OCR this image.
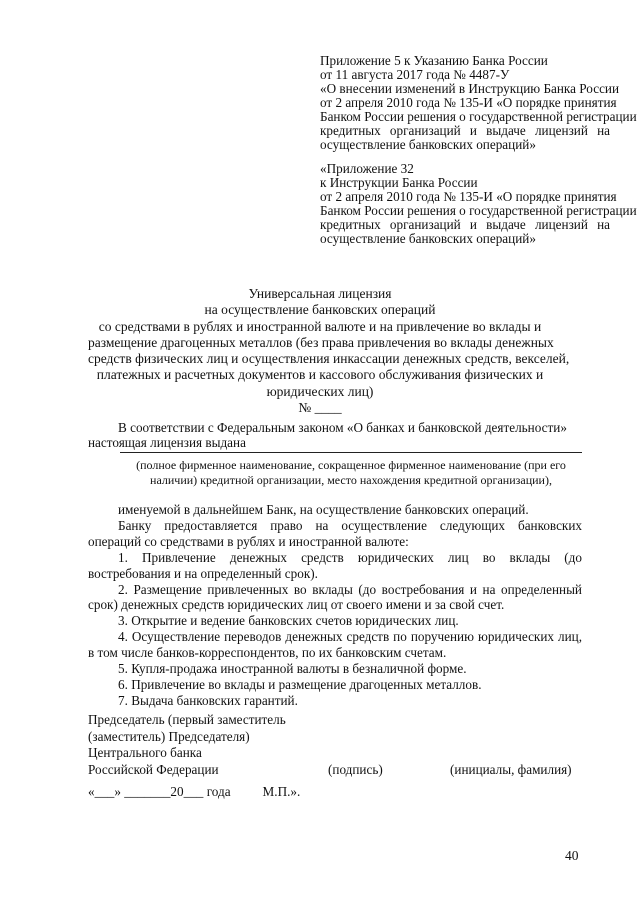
Приложение 5 к Указанию Банка России
от 11 августа 2017 года № 4487-У
«О внесении изменений в Инструкцию Банка России
от 2 апреля 2010 года № 135-И «О порядке принятия
Банком России решения о государственной регистрации
кредитных организаций и выдаче лицензий на
осуществление банковских операций»
«Приложение 32
к Инструкции Банка России
от 2 апреля 2010 года № 135-И «О порядке принятия
Банком России решения о государственной регистрации
кредитных организаций и выдаче лицензий на
осуществление банковских операций»
Универсальная лицензия
на осуществление банковских операций
со средствами в рублях и иностранной валюте и на привлечение во вклады и
размещение драгоценных металлов (без права привлечения во вклады денежных
средств физических лиц и осуществления инкассации денежных средств, векселей,
платежных и расчетных документов и кассового обслуживания физических и
юридических лиц)
№ ____
В соответствии с Федеральным законом «О банках и банковской деятельности»
настоящая лицензия выдана
(полное фирменное наименование, сокращенное фирменное наименование (при его
наличии) кредитной организации, место нахождения кредитной организации),
именуемой в дальнейшем Банк, на осуществление банковских операций.
Банку предоставляется право на осуществление следующих банковских
операций со средствами в рублях и иностранной валюте:
1. Привлечение денежных средств юридических лиц во вклады (до
востребования и на определенный срок).
2. Размещение привлеченных во вклады (до востребования и на определенный
срок) денежных средств юридических лиц от своего имени и за свой счет.
3. Открытие и ведение банковских счетов юридических лиц.
4. Осуществление переводов денежных средств по поручению юридических лиц,
в том числе банков-корреспондентов, по их банковским счетам.
5. Купля-продажа иностранной валюты в безналичной форме.
6. Привлечение во вклады и размещение драгоценных металлов.
7. Выдача банковских гарантий.
Председатель (первый заместитель
(заместитель) Председателя)
Центрального банка
Российской Федерации	(подпись)	(инициалы, фамилия)
«___» _______20___ года М.П.».
40
